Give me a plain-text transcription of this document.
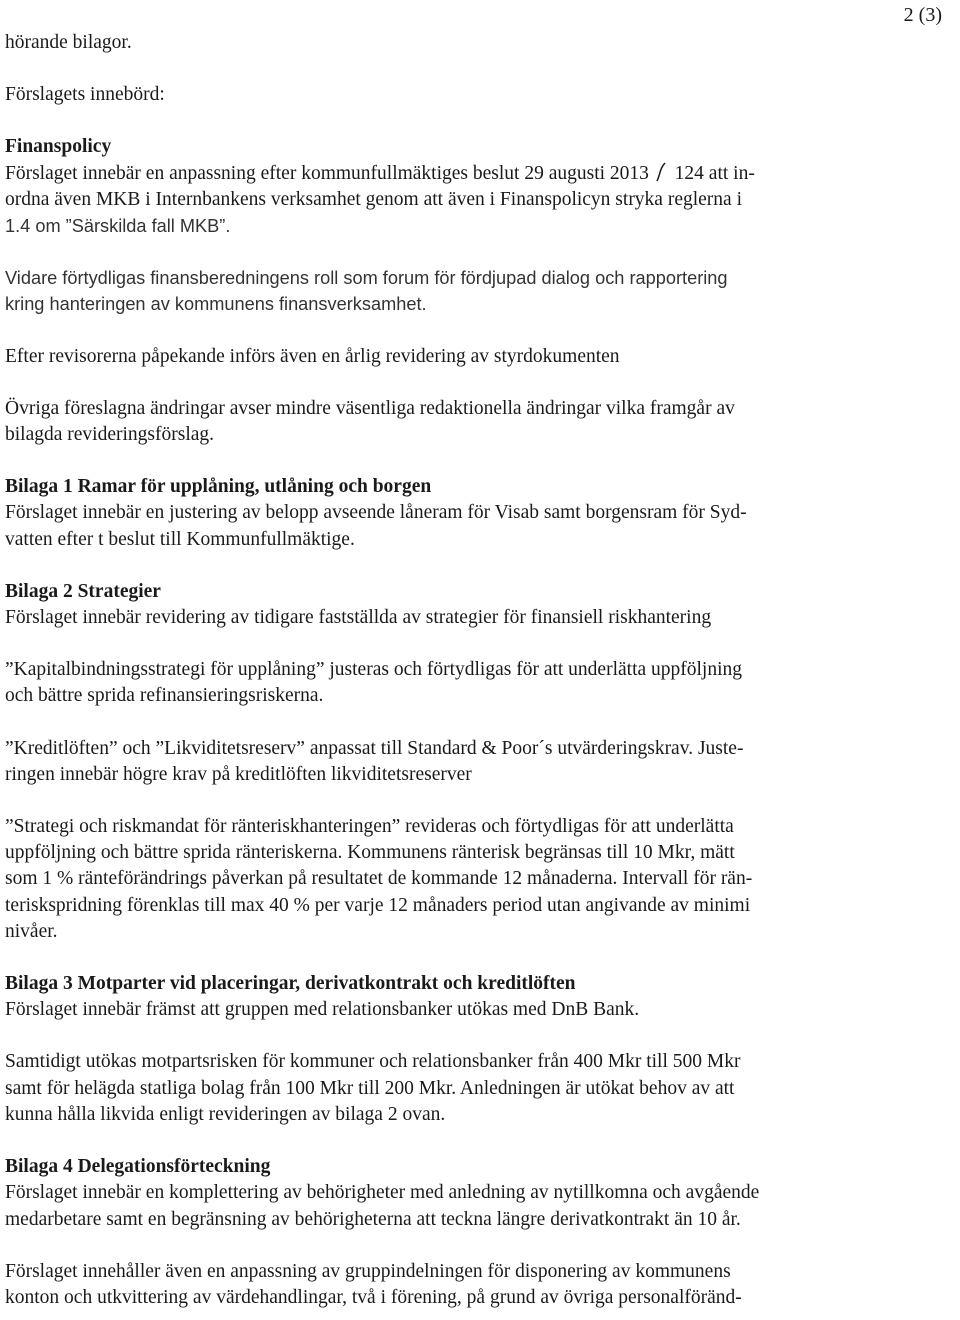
2 (3)

hörande bilagor.

Förslagets innebörd:

Finanspolicy

Förslaget innebär en anpassning efter kommunfullmäktiges beslut 29 augusti 2013 124 att in-

ordna även MKB i Internbankens verksamhet genom att även i Finanspolicyn stryka reglerna i

1.4 om ”Särskilda fall MKB”.

Vidare förtydligas finansberedningens roll som forum för fördjupad dialog och rapportering

kring hanteringen av kommunens finansverksamhet.

Efter revisorerna påpekande införs även en årlig revidering av styrdokumenten

Övriga föreslagna ändringar avser mindre väsentliga redaktionella ändringar vilka framgår av

bilagda revideringsförslag.

Bilaga 1 Ramar för upplåning, utlåning och borgen

Förslaget innebär en justering av belopp avseende låneram för Visab samt borgensram för Syd-

vatten efter t beslut till Kommunfullmäktige.

Bilaga 2 Strategier

Förslaget innebär revidering av tidigare fastställda av strategier för finansiell riskhantering

”Kapitalbindningsstrategi för upplåning” justeras och förtydligas för att underlätta uppföljning

och bättre sprida refinansieringsriskerna.

”Kreditlöften” och ”Likviditetsreserv” anpassat till Standard & Poor´s utvärderingskrav. Juste-

ringen innebär högre krav på kreditlöften likviditetsreserver

”Strategi och riskmandat för ränteriskhanteringen” revideras och förtydligas för att underlätta

uppföljning och bättre sprida ränteriskerna. Kommunens ränterisk begränsas till 10 Mkr, mätt

som 1 % ränteförändrings påverkan på resultatet de kommande 12 månaderna. Intervall för rän-

teriskspridning förenklas till max 40 % per varje 12 månaders period utan angivande av minimi

nivåer.

Bilaga 3 Motparter vid placeringar, derivatkontrakt och kreditlöften

Förslaget innebär främst att gruppen med relationsbanker utökas med DnB Bank.

Samtidigt utökas motpartsrisken för kommuner och relationsbanker från 400 Mkr till 500 Mkr

samt för helägda statliga bolag från 100 Mkr till 200 Mkr. Anledningen är utökat behov av att

kunna hålla likvida enligt revideringen av bilaga 2 ovan.

Bilaga 4 Delegationsförteckning

Förslaget innebär en komplettering av behörigheter med anledning av nytillkomna och avgående

medarbetare samt en begränsning av behörigheterna att teckna längre derivatkontrakt än 10 år.

Förslaget innehåller även en anpassning av gruppindelningen för disponering av kommunens

konton och utkvittering av värdehandlingar, två i förening, på grund av övriga personalföränd-
